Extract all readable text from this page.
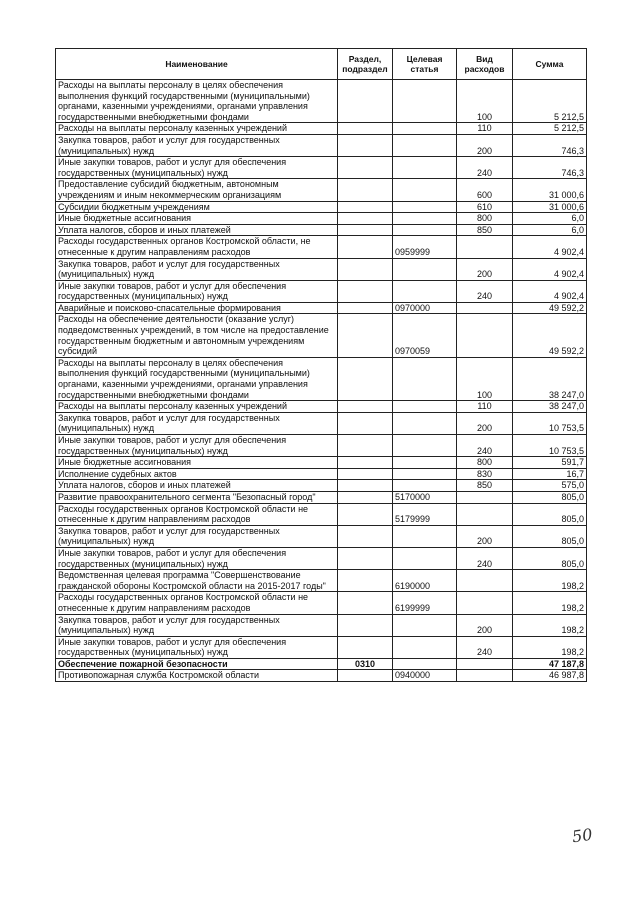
Наименование	Раздел, подраздел	Целевая статья	Вид расходов	Сумма
Расходы на выплаты персоналу в целях обеспечения выполнения функций государственными (муниципальными) органами, казенными учреждениями, органами управления государственными внебюджетными фондами			100	5 212,5
Расходы на выплаты персоналу казенных учреждений			110	5 212,5
Закупка товаров, работ и услуг для государственных (муниципальных) нужд			200	746,3
Иные закупки товаров, работ и услуг для обеспечения государственных (муниципальных) нужд			240	746,3
Предоставление субсидий бюджетным, автономным учреждениям и иным некоммерческим организациям			600	31 000,6
Субсидии бюджетным учреждениям			610	31 000,6
Иные бюджетные ассигнования			800	6,0
Уплата налогов, сборов и иных платежей			850	6,0
Расходы государственных органов Костромской области, не отнесенные к другим направлениям расходов		0959999		4 902,4
Закупка товаров, работ и услуг для государственных (муниципальных) нужд			200	4 902,4
Иные закупки товаров, работ и услуг для обеспечения государственных (муниципальных) нужд			240	4 902,4
Аварийные и поисково-спасательные формирования		0970000		49 592,2
Расходы на обеспечение деятельности (оказание услуг) подведомственных учреждений, в том числе на предоставление государственным бюджетным и автономным учреждениям субсидий		0970059		49 592,2
Расходы на выплаты персоналу в целях обеспечения выполнения функций государственными (муниципальными) органами, казенными учреждениями, органами управления государственными внебюджетными фондами			100	38 247,0
Расходы на выплаты персоналу казенных учреждений			110	38 247,0
Закупка товаров, работ и услуг для государственных (муниципальных) нужд			200	10 753,5
Иные закупки товаров, работ и услуг для обеспечения государственных (муниципальных) нужд			240	10 753,5
Иные бюджетные ассигнования			800	591,7
Исполнение судебных актов			830	16,7
Уплата налогов, сборов и иных платежей			850	575,0
Развитие правоохранительного сегмента "Безопасный город"		5170000		805,0
Расходы государственных органов Костромской области не отнесенные к другим направлениям расходов		5179999		805,0
Закупка товаров, работ и услуг для государственных (муниципальных) нужд			200	805,0
Иные закупки товаров, работ и услуг для обеспечения государственных (муниципальных) нужд			240	805,0
Ведомственная целевая программа "Совершенствование гражданской обороны Костромской области на 2015-2017 годы"		6190000		198,2
Расходы государственных органов Костромской области не отнесенные к другим направлениям расходов		6199999		198,2
Закупка товаров, работ и услуг для государственных (муниципальных) нужд			200	198,2
Иные закупки товаров, работ и услуг для обеспечения государственных (муниципальных) нужд			240	198,2
Обеспечение пожарной безопасности	0310			47 187,8
Противопожарная служба Костромской области		0940000		46 987,8
50
